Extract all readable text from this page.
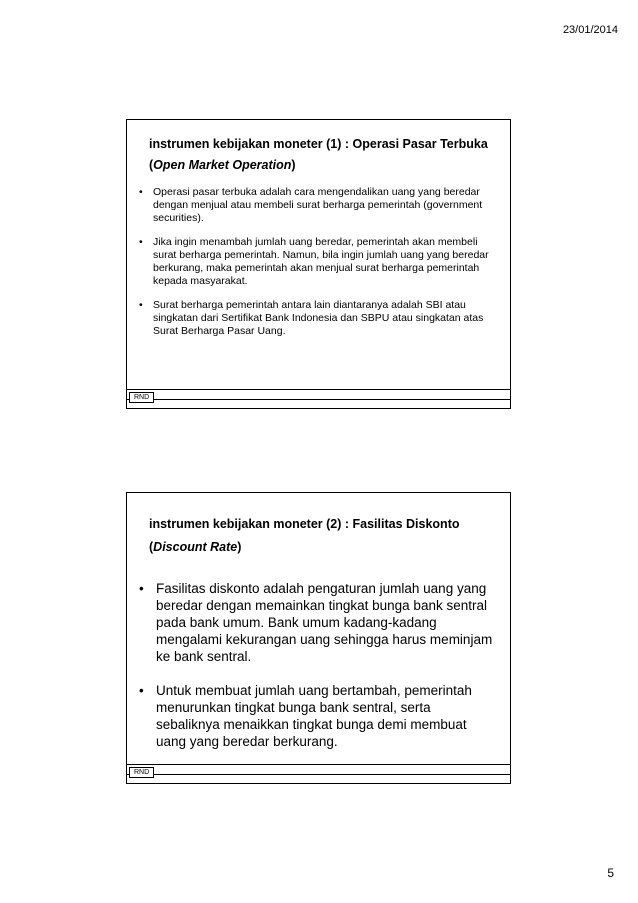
23/01/2014
instrumen kebijakan moneter (1) : Operasi Pasar Terbuka (Open Market Operation)
• Operasi pasar terbuka adalah cara mengendalikan uang yang beredar dengan menjual atau membeli surat berharga pemerintah (government securities).
• Jika ingin menambah jumlah uang beredar, pemerintah akan membeli surat berharga pemerintah. Namun, bila ingin jumlah uang yang beredar berkurang, maka pemerintah akan menjual surat berharga pemerintah kepada masyarakat.
• Surat berharga pemerintah antara lain diantaranya adalah SBI atau singkatan dari Sertifikat Bank Indonesia dan SBPU atau singkatan atas Surat Berharga Pasar Uang.
RND
instrumen kebijakan moneter (2) : Fasilitas Diskonto (Discount Rate)
• Fasilitas diskonto adalah pengaturan jumlah uang yang beredar dengan memainkan tingkat bunga bank sentral pada bank umum. Bank umum kadang-kadang mengalami kekurangan uang sehingga harus meminjam ke bank sentral.
• Untuk membuat jumlah uang bertambah, pemerintah menurunkan tingkat bunga bank sentral, serta sebaliknya menaikkan tingkat bunga demi membuat uang yang beredar berkurang.
RND
5
